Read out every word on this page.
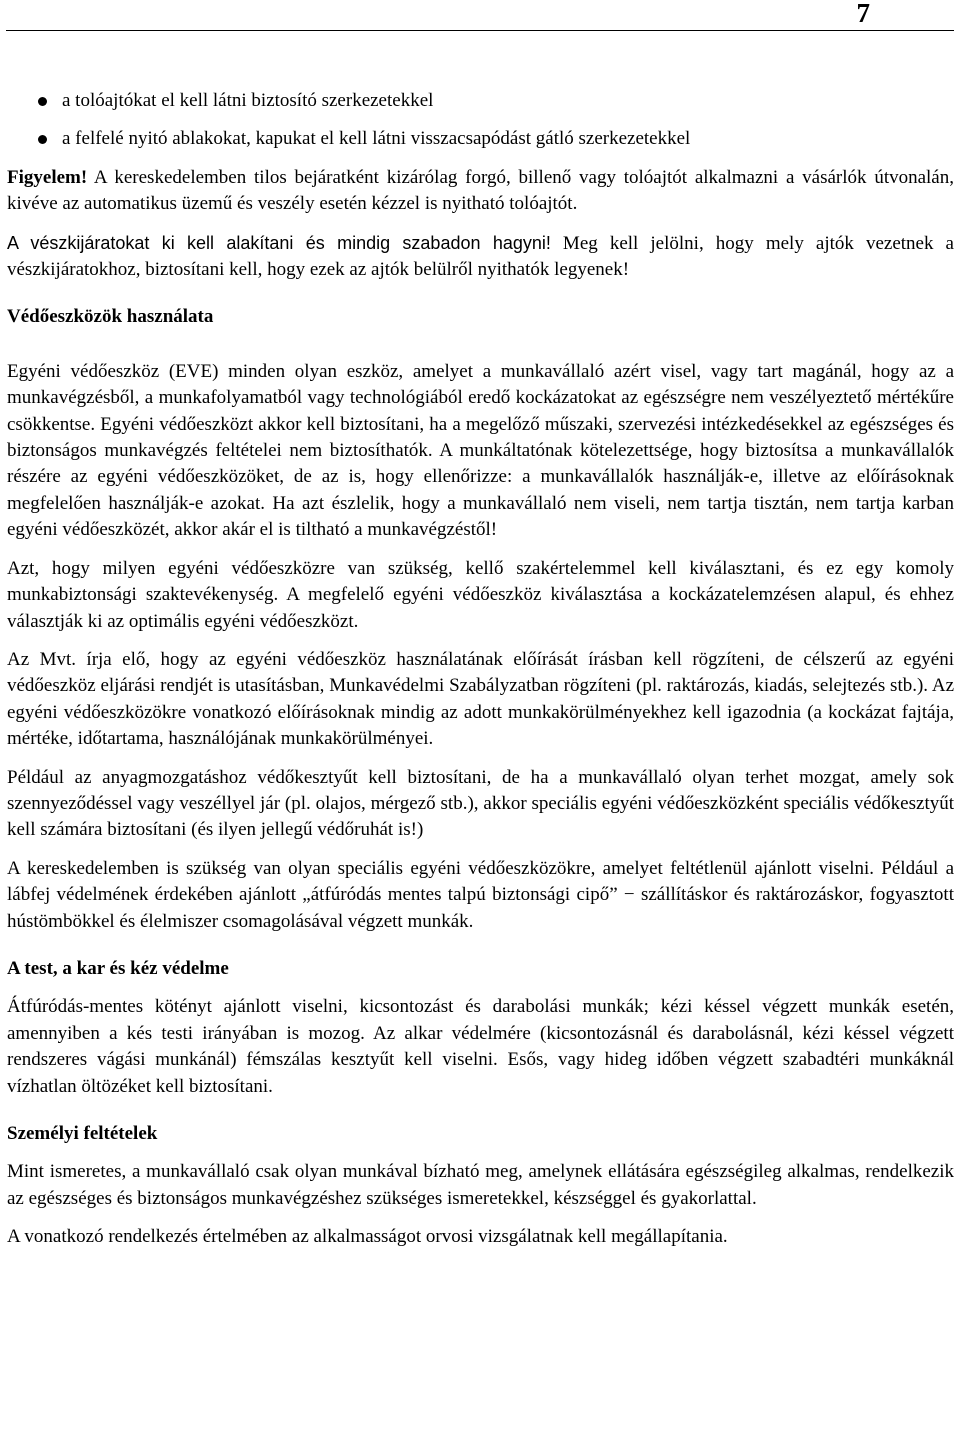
7
a tolóajtókat el kell látni biztosító szerkezetekkel
a felfelé nyitó ablakokat, kapukat el kell látni visszacsapódást gátló szerkezetekkel

Figyelem! A kereskedelemben tilos bejáratként kizárólag forgó, billenő vagy tolóajtót alkalmazni a vásárlók útvonalán, kivéve az automatikus üzemű és veszély esetén kézzel is nyitható tolóajtót.

A vészkijáratokat ki kell alakítani és mindig szabadon hagyni! Meg kell jelölni, hogy mely ajtók vezetnek a vészkijáratokhoz, biztosítani kell, hogy ezek az ajtók belülről nyithatók legyenek!

Védőeszközök használata

Egyéni védőeszköz (EVE) minden olyan eszköz, amelyet a munkavállaló azért visel, vagy tart magánál, hogy az a munkavégzésből, a munkafolyamatból vagy technológiából eredő kockázatokat az egészségre nem veszélyeztető mértékűre csökkentse. Egyéni védőeszközt akkor kell biztosítani, ha a megelőző műszaki, szervezési intézkedésekkel az egészséges és biztonságos munkavégzés feltételei nem biztosíthatók. A munkáltatónak kötelezettsége, hogy biztosítsa a munkavállalók részére az egyéni védőeszközöket, de az is, hogy ellenőrizze: a munkavállalók használják-e, illetve az előírásoknak megfelelően használják-e azokat. Ha azt észlelik, hogy a munkavállaló nem viseli, nem tartja tisztán, nem tartja karban egyéni védőeszközét, akkor akár el is tiltható a munkavégzéstől!

Azt, hogy milyen egyéni védőeszközre van szükség, kellő szakértelemmel kell kiválasztani, és ez egy komoly munkabiztonsági szaktevékenység. A megfelelő egyéni védőeszköz kiválasztása a kockázatelemzésen alapul, és ehhez választják ki az optimális egyéni védőeszközt.

Az Mvt. írja elő, hogy az egyéni védőeszköz használatának előírását írásban kell rögzíteni, de célszerű az egyéni védőeszköz eljárási rendjét is utasításban, Munkavédelmi Szabályzatban rögzíteni (pl. raktározás, kiadás, selejtezés stb.). Az egyéni védőeszközökre vonatkozó előírásoknak mindig az adott munkakörülményekhez kell igazodnia (a kockázat fajtája, mértéke, időtartama, használójának munkakörülményei.

Például az anyagmozgatáshoz védőkesztyűt kell biztosítani, de ha a munkavállaló olyan terhet mozgat, amely sok szennyeződéssel vagy veszéllyel jár (pl. olajos, mérgező stb.), akkor speciális egyéni védőeszközként speciális védőkesztyűt kell számára biztosítani (és ilyen jellegű védőruhát is!)

A kereskedelemben is szükség van olyan speciális egyéni védőeszközökre, amelyet feltétlenül ajánlott viselni. Például a lábfej védelmének érdekében ajánlott „átfúródás mentes talpú biztonsági cipő” − szállításkor és raktározáskor, fogyasztott hústömbökkel és élelmiszer csomagolásával végzett munkák.

A test, a kar és kéz védelme

Átfúródás-mentes kötényt ajánlott viselni, kicsontozást és darabolási munkák; kézi késsel végzett munkák esetén, amennyiben a kés testi irányában is mozog. Az alkar védelmére (kicsontozásnál és darabolásnál, kézi késsel végzett rendszeres vágási munkánál) fémszálas kesztyűt kell viselni. Esős, vagy hideg időben végzett szabadtéri munkáknál vízhatlan öltözéket kell biztosítani.

Személyi feltételek

Mint ismeretes, a munkavállaló csak olyan munkával bízható meg, amelynek ellátására egészségileg alkalmas, rendelkezik az egészséges és biztonságos munkavégzéshez szükséges ismeretekkel, készséggel és gyakorlattal.

A vonatkozó rendelkezés értelmében az alkalmasságot orvosi vizsgálatnak kell megállapítania.
